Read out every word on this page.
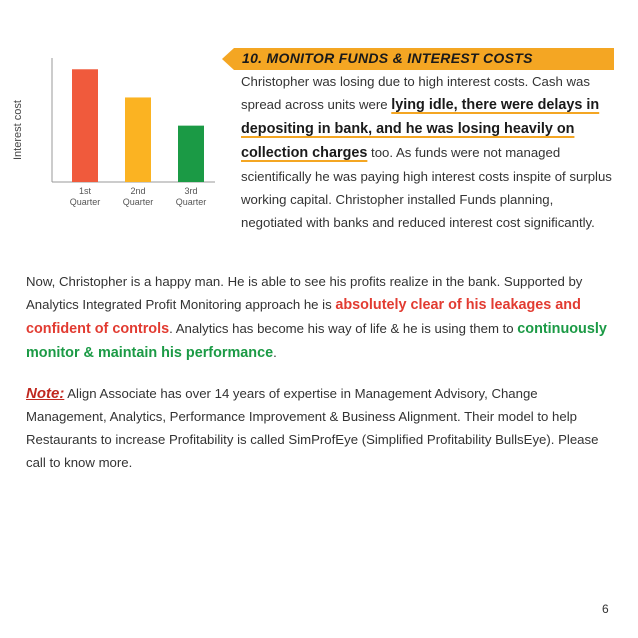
Interest cost
1st
Quarter
2nd
Quarter
3rd
Quarter
10. MONITOR FUNDS & INTEREST COSTS
Christopher was losing due to high interest costs. Cash was spread across units were lying idle, there were delays in depositing in bank, and he was losing heavily on collection charges too. As funds were not managed scientifically he was paying high interest costs inspite of surplus working capital. Christopher installed Funds planning, negotiated with banks and reduced interest cost significantly.
Now, Christopher is a happy man. He is able to see his profits realize in the bank. Supported by Analytics Integrated Profit Monitoring approach he is absolutely clear of his leakages and confident of controls. Analytics has become his way of life & he is using them to continuously monitor & maintain his performance.
Note: Align Associate has over 14 years of expertise in Management Advisory, Change Management, Analytics, Performance Improvement & Business Alignment. Their model to help Restaurants to increase Profitability is called SimProfEye (Simplified Profitability BullsEye). Please call to know more.
6
